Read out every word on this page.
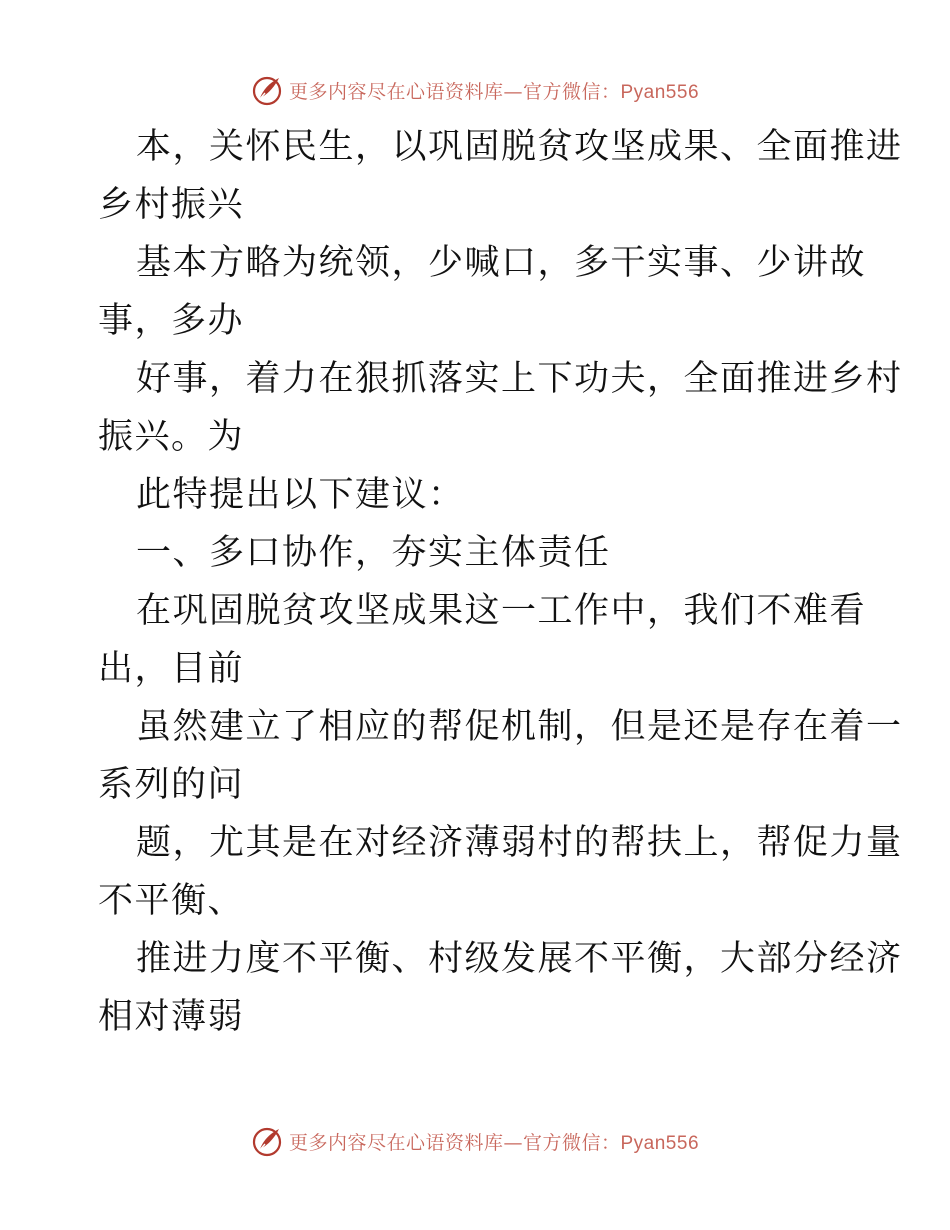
更多内容尽在心语资料库—官方微信：Pyan556
本，关怀民生，以巩固脱贫攻坚成果、全面推进
乡村振兴
基本方略为统领，少喊口，多干实事、少讲故
事，多办
好事，着力在狠抓落实上下功夫，全面推进乡村
振兴。为
此特提出以下建议：
一、多口协作，夯实主体责任
在巩固脱贫攻坚成果这一工作中，我们不难看
出，目前
虽然建立了相应的帮促机制，但是还是存在着一
系列的问
题，尤其是在对经济薄弱村的帮扶上，帮促力量
不平衡、
推进力度不平衡、村级发展不平衡，大部分经济
相对薄弱
更多内容尽在心语资料库—官方微信：Pyan556
